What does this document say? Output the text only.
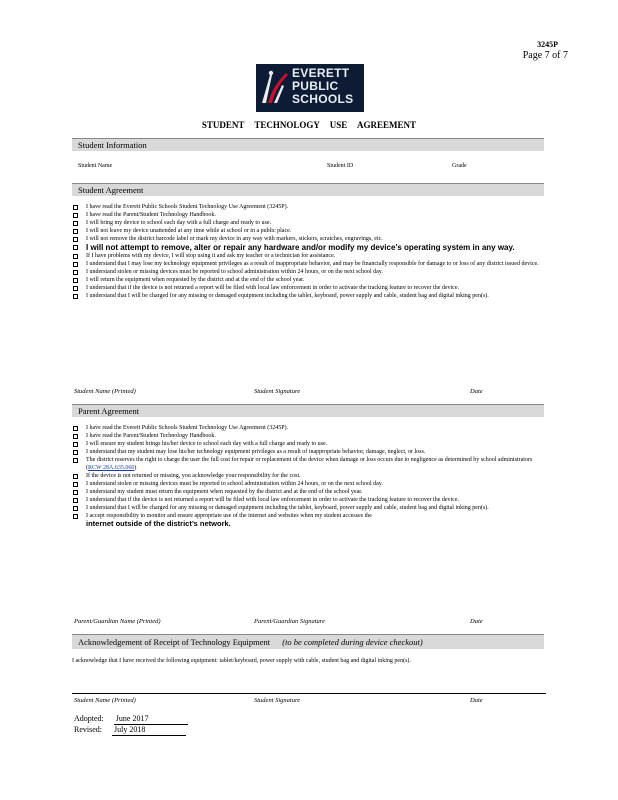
3245P
Page 7 of 7
EVERETT
PUBLIC
SCHOOLS
STUDENT TECHNOLOGY USE AGREEMENT
Student Information
Student Name	Student ID	Grade
Student Agreement
I have read the Everett Public Schools Student Technology Use Agreement (3245P).
I have read the Parent/Student Technology Handbook.
I will bring my device to school each day with a full charge and ready to use.
I will not leave my device unattended at any time while at school or in a public place.
I will not remove the district barcode label or mark my device in any way with markers, stickers, scratches, engravings, etc.
I will not attempt to remove, alter or repair any hardware and/or modify my device’s operating system in any way.
If I have problems with my device, I will stop using it and ask my teacher or a technician for assistance.
I understand that I may lose my technology equipment privileges as a result of inappropriate behavior, and may be financially responsible for damage to or loss of any district issued device.
I understand stolen or missing devices must be reported to school administration within 24 hours, or on the next school day.
I will return the equipment when requested by the district and at the end of the school year.
I understand that if the device is not returned a report will be filed with local law enforcement in order to activate the tracking feature to recover the device.
I understand that I will be charged for any missing or damaged equipment including the tablet, keyboard, power supply and cable, student bag and digital inking pen(s).
Student Name (Printed)	Student Signature	Date
Parent Agreement
I have read the Everett Public Schools Student Technology Use Agreement (3245P).
I have read the Parent/Student Technology Handbook.
I will ensure my student brings his/her device to school each day with a full charge and ready to use.
I understand that my student may lose his/her technology equipment privileges as a result of inappropriate behavior, damage, neglect, or loss.
The district reserves the right to charge the user the full cost for repair or replacement of the device when damage or loss occurs due to negligence as determined by school administrators (RCW 28A.635.060)
If the device is not returned or missing, you acknowledge your responsibility for the cost.
I understand stolen or missing devices must be reported to school administration within 24 hours, or on the next school day.
I understand my student must return the equipment when requested by the district and at the end of the school year.
I understand that if the device is not returned a report will be filed with local law enforcement in order to activate the tracking feature to recover the device.
I understand that I will be charged for any missing or damaged equipment including the tablet, keyboard, power supply and cable, student bag and digital inking pen(s).
I accept responsibility to monitor and ensure appropriate use of the internet and websites when my student accesses the
internet outside of the district’s network.
Parent/Guardian Name (Printed)	Parent/Guardian Signature	Date
Acknowledgement of Receipt of Technology Equipment (to be completed during device checkout)
I acknowledge that I have received the following equipment: tablet/keyboard, power supply with cable, student bag and digital inking pen(s).
Student Name (Printed)	Student Signature	Date
Adopted: June 2017
Revised: July 2018
